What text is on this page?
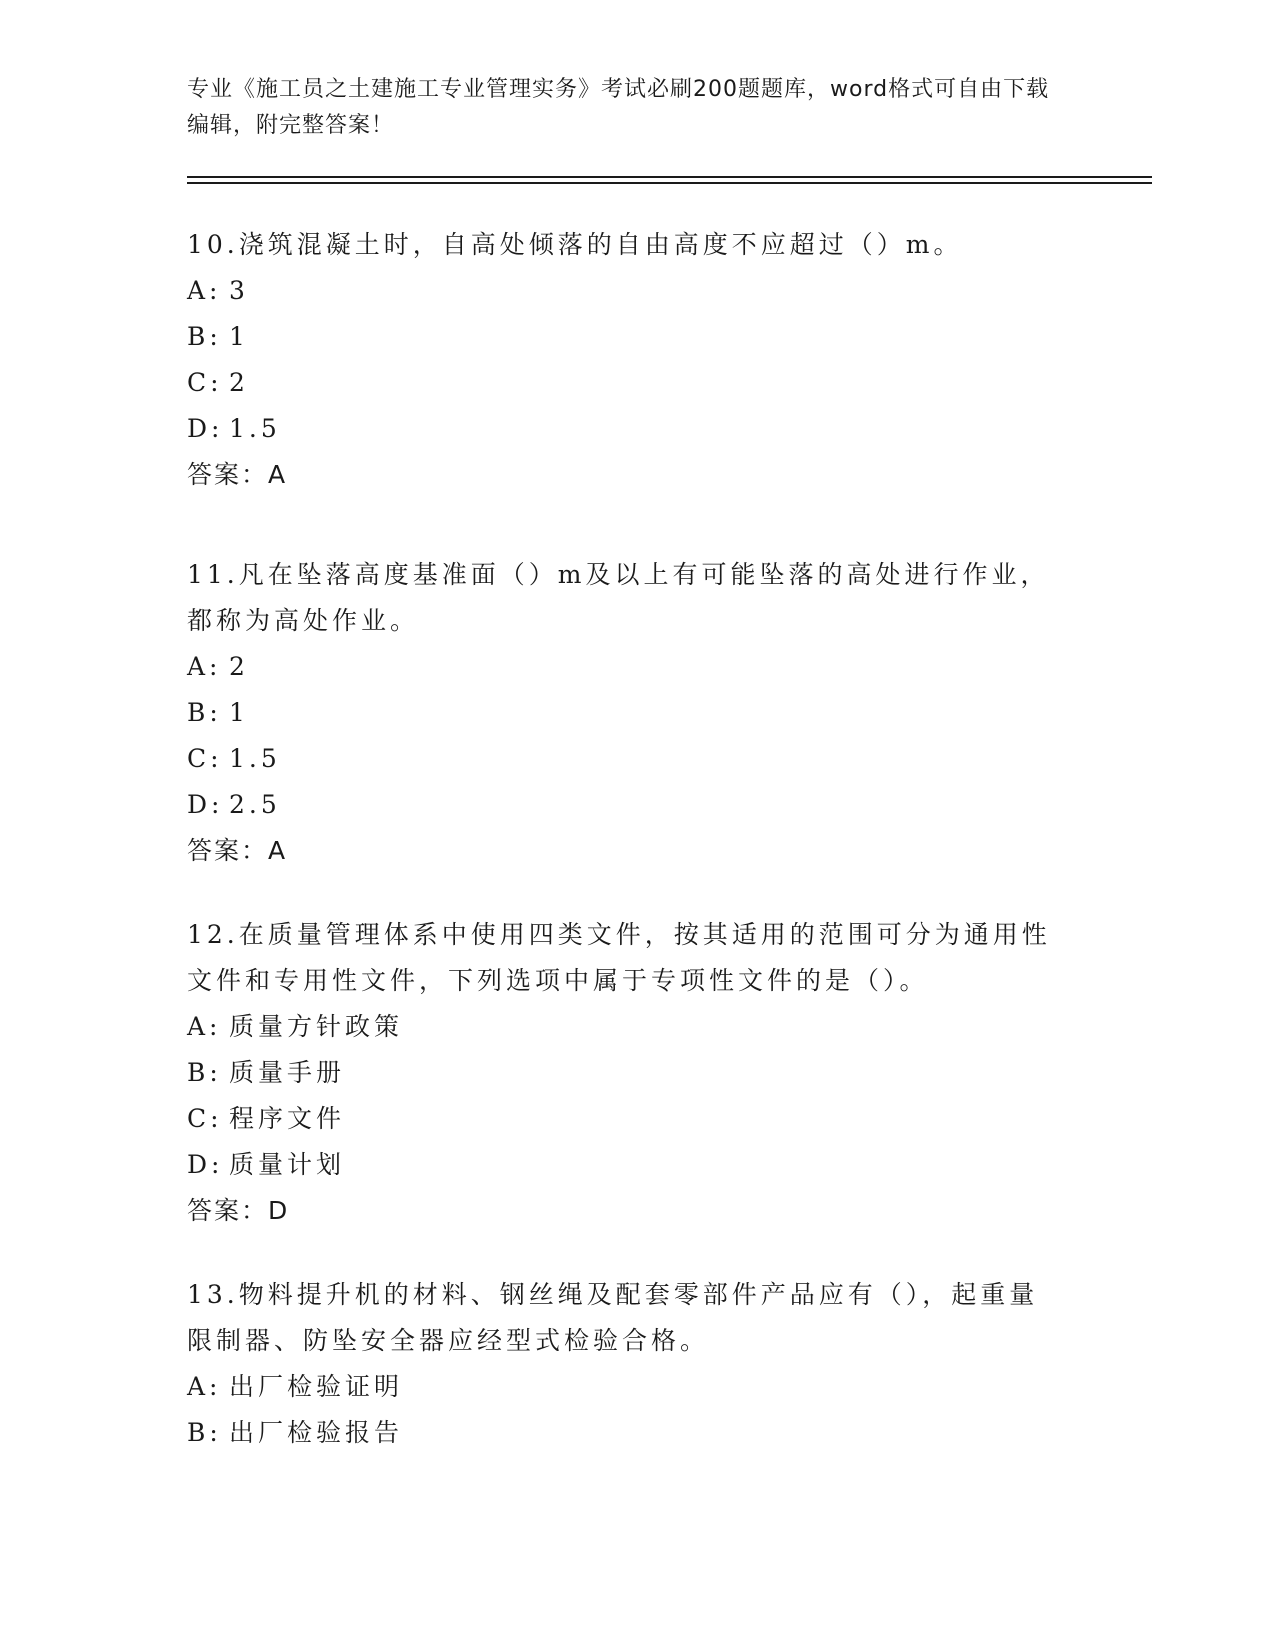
专业《施工员之土建施工专业管理实务》考试必刷200题题库，word格式可自由下载编辑，附完整答案！

10.浇筑混凝土时，自高处倾落的自由高度不应超过（）m。

A: 3
B: 1
C: 2
D: 1.5
答案：A

11.凡在坠落高度基准面（）m及以上有可能坠落的高处进行作业，都称为高处作业。

A: 2
B: 1
C: 1.5
D: 2.5
答案：A

12.在质量管理体系中使用四类文件，按其适用的范围可分为通用性文件和专用性文件，下列选项中属于专项性文件的是（）。

A: 质量方针政策
B: 质量手册
C: 程序文件
D: 质量计划
答案：D

13.物料提升机的材料、钢丝绳及配套零部件产品应有（），起重量限制器、防坠安全器应经型式检验合格。

A: 出厂检验证明
B: 出厂检验报告
